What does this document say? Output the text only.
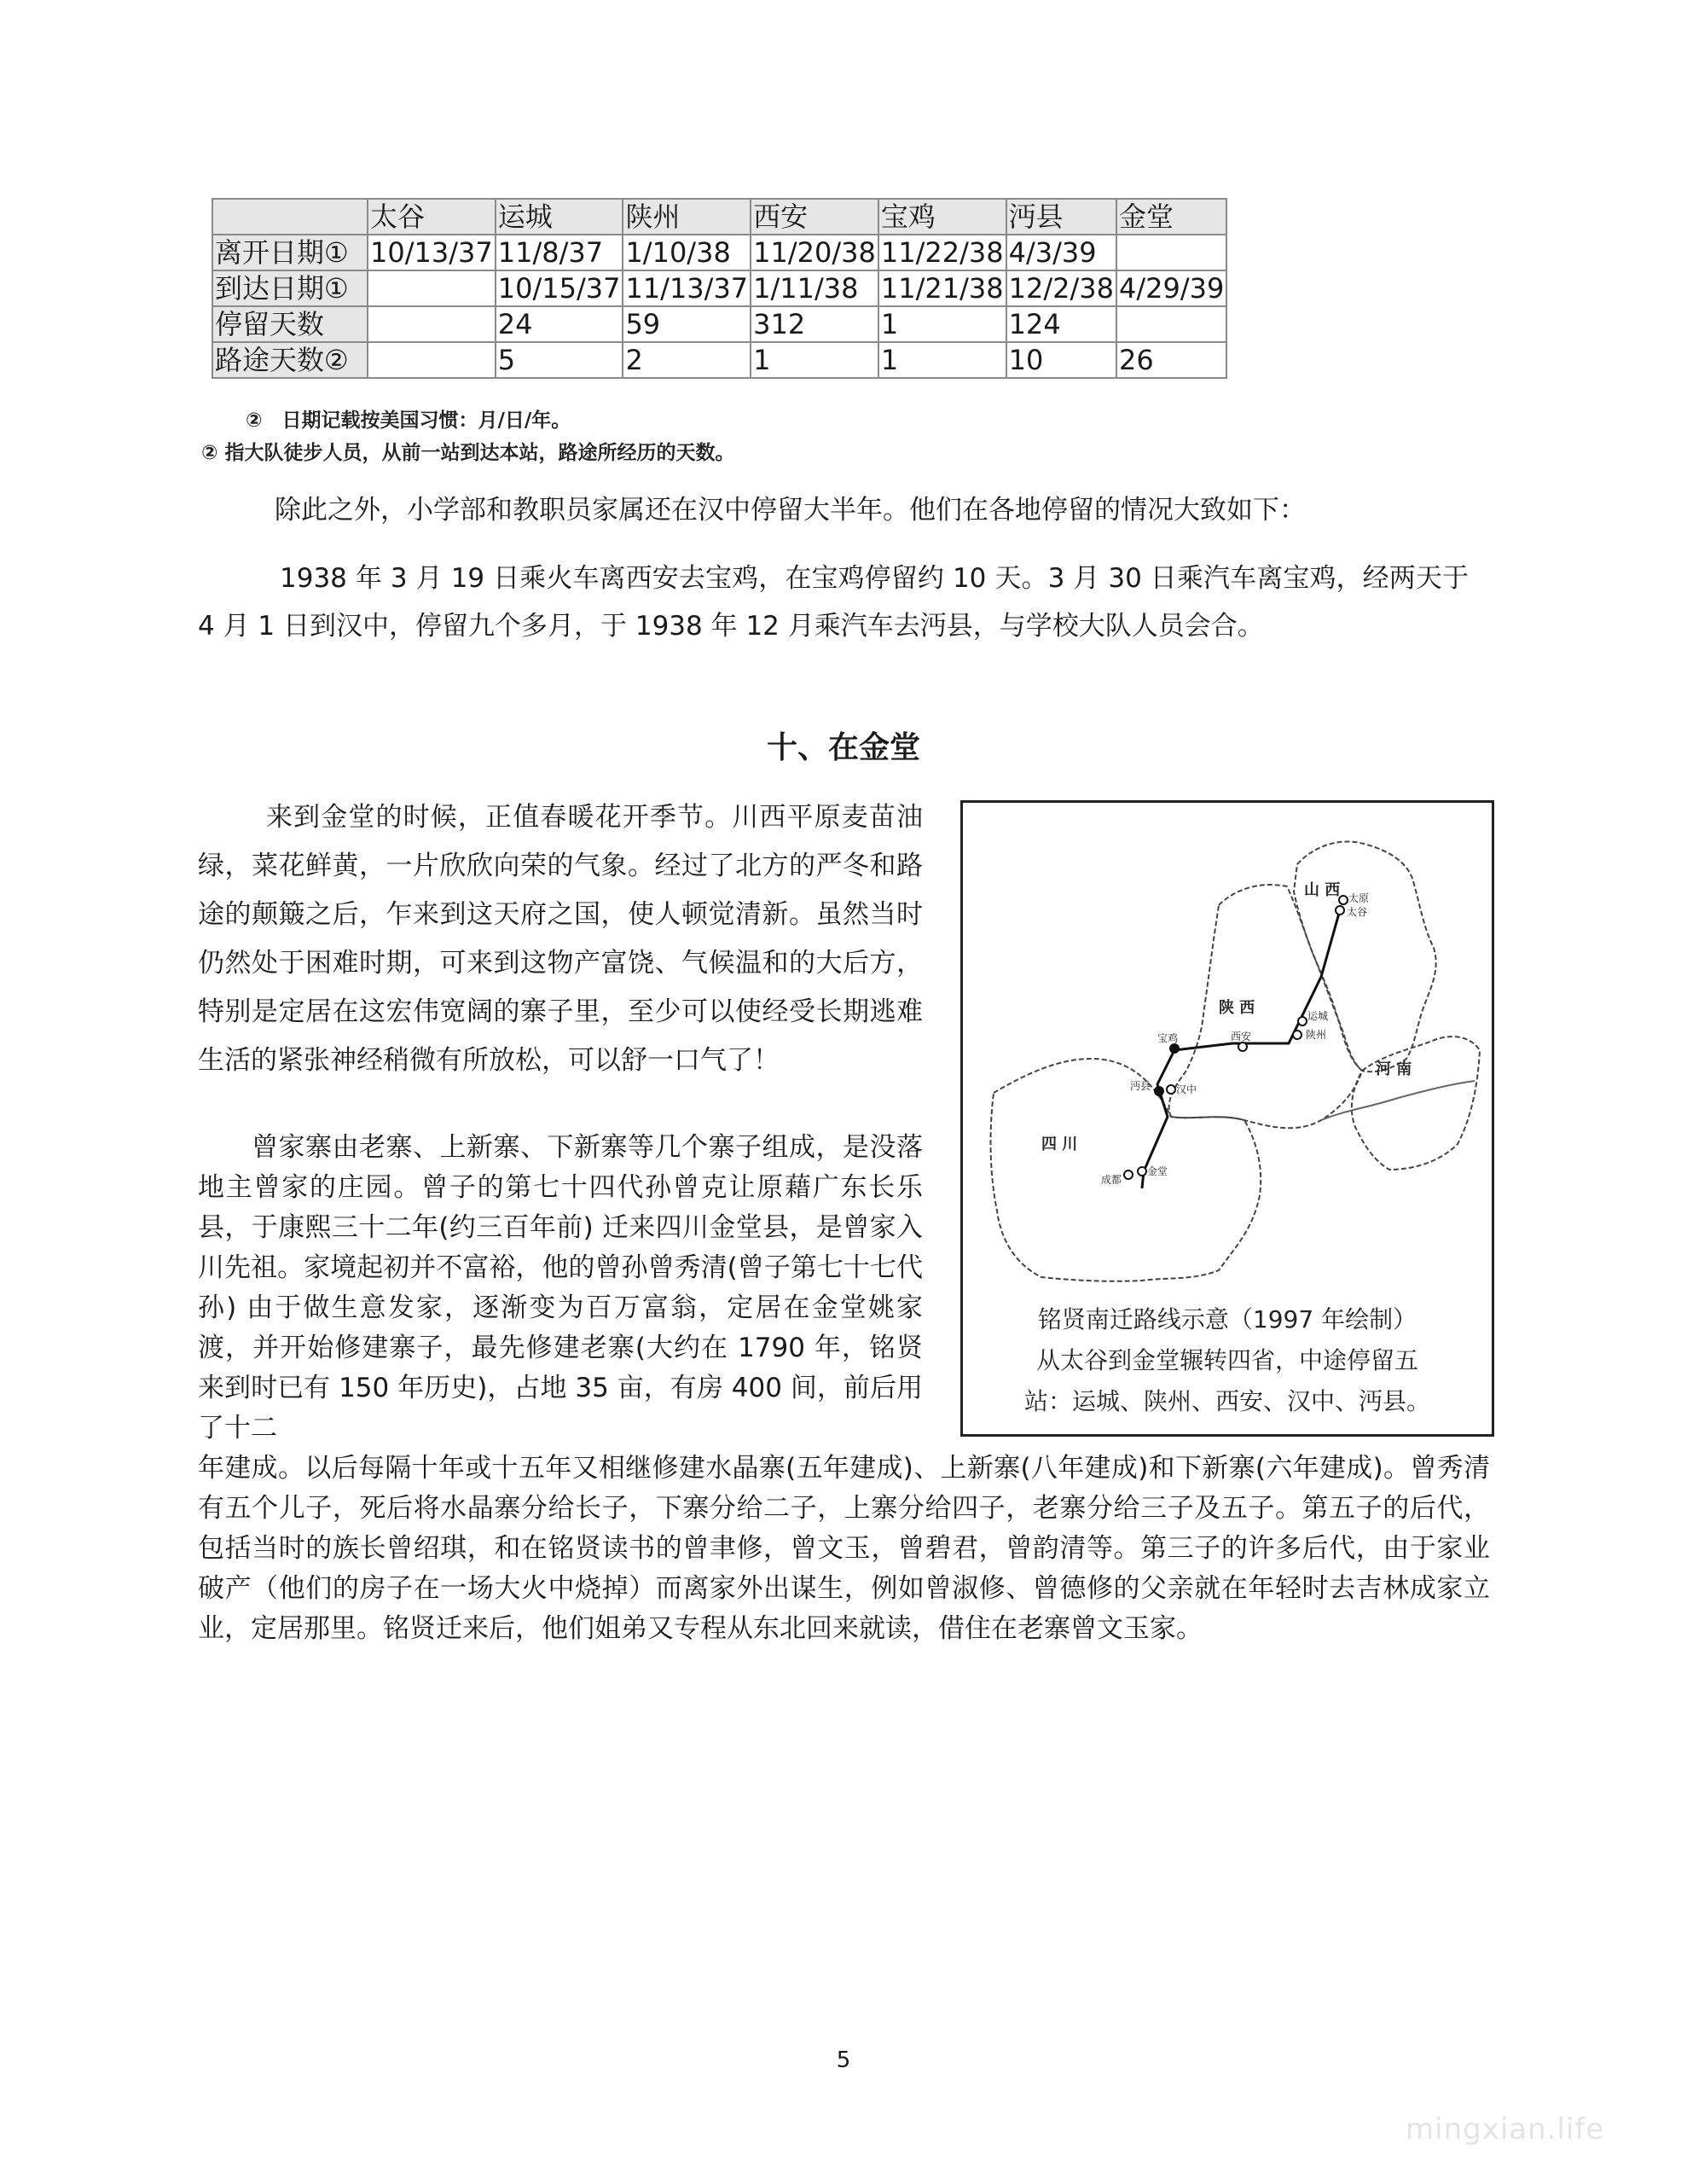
	太谷	运城	陕州	西安	宝鸡	沔县	金堂
离开日期①	10/13/37	11/8/37	1/10/38	11/20/38	11/22/38	4/3/39	
到达日期①		10/15/37	11/13/37	1/11/38	11/21/38	12/2/38	4/29/39
停留天数		24	59	312	1	124	
路途天数②		5	2	1	1	10	26
②　日期记载按美国习惯：月/日/年。
② 指大队徒步人员，从前一站到达本站，路途所经历的天数。
除此之外，小学部和教职员家属还在汉中停留大半年。他们在各地停留的情况大致如下：
1938 年 3 月 19 日乘火车离西安去宝鸡，在宝鸡停留约 10 天。3 月 30 日乘汽车离宝鸡，经两天于 4 月 1 日到汉中，停留九个多月，于 1938 年 12 月乘汽车去沔县，与学校大队人员会合。
十、在金堂
来到金堂的时候，正值春暖花开季节。川西平原麦苗油绿，菜花鲜黄，一片欣欣向荣的气象。经过了北方的严冬和路途的颠簸之后，乍来到这天府之国，使人顿觉清新。虽然当时仍然处于困难时期，可来到这物产富饶、气候温和的大后方，特别是定居在这宏伟宽阔的寨子里，至少可以使经受长期逃难生活的紧张神经稍微有所放松，可以舒一口气了！
　　曾家寨由老寨、上新寨、下新寨等几个寨子组成，是没落地主曾家的庄园。曾子的第七十四代孙曾克让原藉广东长乐县，于康熙三十二年(约三百年前) 迁来四川金堂县，是曾家入川先祖。家境起初并不富裕，他的曾孙曾秀清(曾子第七十七代孙) 由于做生意发家，逐渐变为百万富翁，定居在金堂姚家渡，并开始修建寨子，最先修建老寨(大约在 1790 年，铭贤来到时已有 150 年历史)，占地 35 亩，有房 400 间，前后用了十二
年建成。以后每隔十年或十五年又相继修建水晶寨(五年建成)、上新寨(八年建成)和下新寨(六年建成)。曾秀清有五个儿子，死后将水晶寨分给长子，下寨分给二子，上寨分给四子，老寨分给三子及五子。第五子的后代，包括当时的族长曾绍琪，和在铭贤读书的曾聿修，曾文玉，曾碧君，曾韵清等。第三子的许多后代，由于家业破产（他们的房子在一场大火中烧掉）而离家外出谋生，例如曾淑修、曾德修的父亲就在年轻时去吉林成家立业，定居那里。铭贤迁来后，他们姐弟又专程从东北回来就读，借住在老寨曾文玉家。
山 西
陕 西
河 南
四 川
太原
太谷
运城
陕州
西安
宝鸡
沔县 汉中
成都
金堂
铭贤南迁路线示意（1997 年绘制）
从太谷到金堂辗转四省，中途停留五
站：运城、陕州、西安、汉中、沔县。
5
mingxian.life
